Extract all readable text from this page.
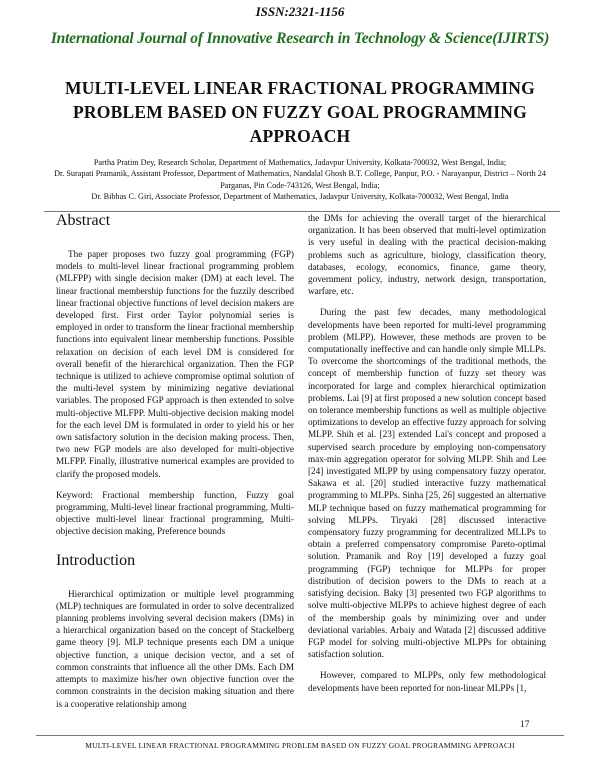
ISSN:2321-1156
International Journal of Innovative Research in Technology & Science(IJIRTS)
MULTI-LEVEL LINEAR FRACTIONAL PROGRAMMING PROBLEM BASED ON FUZZY GOAL PROGRAMMING APPROACH
Partha Pratim Dey, Research Scholar, Department of Mathematics, Jadavpur University, Kolkata-700032, West Bengal, India;
Dr. Surapati Pramanik, Assistant Professor, Department of Mathematics, Nandalal Ghosh B.T. College, Panpur, P.O. - Narayanpur, District – North 24 Parganas, Pin Code-743126, West Bengal, India;
Dr. Bibhas C. Giri, Associate Professor, Department of Mathematics, Jadavpur University, Kolkata-700032, West Bengal, India
Abstract

The paper proposes two fuzzy goal programming (FGP) models to multi-level linear fractional programming problem (MLFPP) with single decision maker (DM) at each level. The linear fractional membership functions for the fuzzily described linear fractional objective functions of level decision makers are developed first. First order Taylor polynomial series is employed in order to transform the linear fractional membership functions into equivalent linear membership functions. Possible relaxation on decision of each level DM is considered for overall benefit of the hierarchical organization. Then the FGP technique is utilized to achieve compromise optimal solution of the multi-level system by minimizing negative deviational variables. The proposed FGP approach is then extended to solve multi-objective MLFPP. Multi-objective decision making model for the each level DM is formulated in order to yield his or her own satisfactory solution in the decision making process. Then, two new FGP models are also developed for multi-objective MLFPP. Finally, illustrative numerical examples are provided to clarify the proposed models.

Keyword: Fractional membership function, Fuzzy goal programming, Multi-level linear fractional programming, Multi-objective multi-level linear fractional programming, Multi-objective decision making, Preference bounds

Introduction

Hierarchical optimization or multiple level programming (MLP) techniques are formulated in order to solve decentralized planning problems involving several decision makers (DMs) in a hierarchical organization based on the concept of Stackelberg game theory [9]. MLP technique presents each DM a unique objective function, a unique decision vector, and a set of common constraints that influence all the other DMs. Each DM attempts to maximize his/her own objective function over the common constraints in the decision making situation and there is a cooperative relationship among

the DMs for achieving the overall target of the hierarchical organization. It has been observed that multi-level optimization is very useful in dealing with the practical decision-making problems such as agriculture, biology, classification theory, databases, ecology, economics, finance, game theory, government policy, industry, network design, transportation, warfare, etc.

During the past few decades, many methodological developments have been reported for multi-level programming problem (MLPP). However, these methods are proven to be computationally ineffective and can handle only simple MLLPs. To overcome the shortcomings of the traditional methods, the concept of membership function of fuzzy set theory was incorporated for large and complex hierarchical optimization problems. Lai [9] at first proposed a new solution concept based on tolerance membership functions as well as multiple objective optimizations to develop an effective fuzzy approach for solving MLPP. Shih et al. [23] extended Lai's concept and proposed a supervised search procedure by employing non-compensatory max-min aggregation operator for solving MLPP. Shih and Lee [24] investigated MLPP by using compensatory fuzzy operator. Sakawa et al. [20] studied interactive fuzzy mathematical programming to MLPPs. Sinha [25, 26] suggested an alternative MLP technique based on fuzzy mathematical programming for solving MLPPs. Tiryaki [28] discussed interactive compensatory fuzzy programming for decentralized MLLPs to obtain a preferred compensatory compromise Pareto-optimal solution. Pramanik and Roy [19] developed a fuzzy goal programming (FGP) technique for MLPPs for proper distribution of decision powers to the DMs to reach at a satisfying decision. Baky [3] presented two FGP algorithms to solve multi-objective MLPPs to achieve highest degree of each of the membership goals by minimizing over and under deviational variables. Arbaiy and Watada [2] discussed additive FGP model for solving multi-objective MLPPs for obtaining satisfaction solution.

However, compared to MLPPs, only few methodological developments have been reported for non-linear MLPPs [1,

17
MULTI-LEVEL LINEAR FRACTIONAL PROGRAMMING PROBLEM BASED ON FUZZY GOAL PROGRAMMING APPROACH
